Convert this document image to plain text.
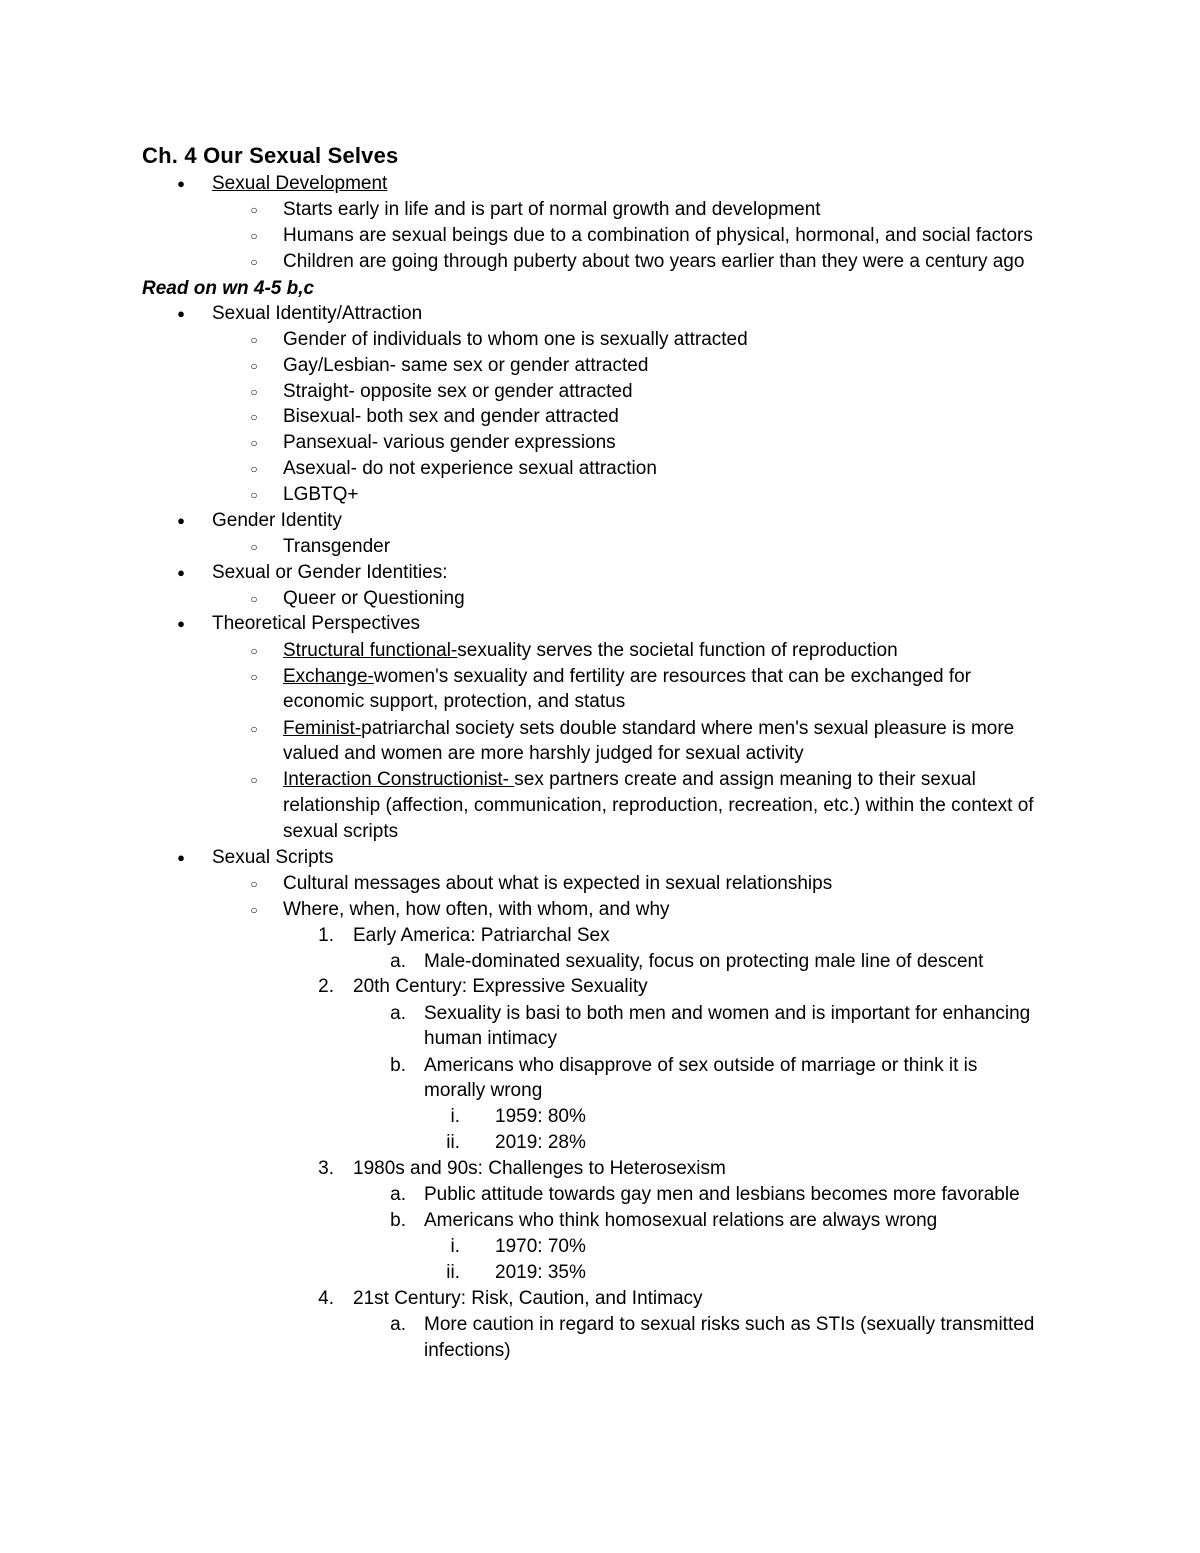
Ch. 4 Our Sexual Selves
● Sexual Development
○ Starts early in life and is part of normal growth and development
○ Humans are sexual beings due to a combination of physical, hormonal, and social factors
○ Children are going through puberty about two years earlier than they were a century ago
Read on wn 4-5 b,c
● Sexual Identity/Attraction
○ Gender of individuals to whom one is sexually attracted
○ Gay/Lesbian- same sex or gender attracted
○ Straight- opposite sex or gender attracted
○ Bisexual- both sex and gender attracted
○ Pansexual- various gender expressions
○ Asexual- do not experience sexual attraction
○ LGBTQ+
● Gender Identity
○ Transgender
● Sexual or Gender Identities:
○ Queer or Questioning
● Theoretical Perspectives
○ Structural functional-sexuality serves the societal function of reproduction
○ Exchange-women's sexuality and fertility are resources that can be exchanged for
economic support, protection, and status
○ Feminist-patriarchal society sets double standard where men's sexual pleasure is more
valued and women are more harshly judged for sexual activity
○ Interaction Constructionist- sex partners create and assign meaning to their sexual
relationship (affection, communication, reproduction, recreation, etc.) within the context of
sexual scripts
● Sexual Scripts
○ Cultural messages about what is expected in sexual relationships
○ Where, when, how often, with whom, and why
1. Early America: Patriarchal Sex
a. Male-dominated sexuality, focus on protecting male line of descent
2. 20th Century: Expressive Sexuality
a. Sexuality is basi to both men and women and is important for enhancing
human intimacy
b. Americans who disapprove of sex outside of marriage or think it is
morally wrong
i. 1959: 80%
ii. 2019: 28%
3. 1980s and 90s: Challenges to Heterosexism
a. Public attitude towards gay men and lesbians becomes more favorable
b. Americans who think homosexual relations are always wrong
i. 1970: 70%
ii. 2019: 35%
4. 21st Century: Risk, Caution, and Intimacy
a. More caution in regard to sexual risks such as STIs (sexually transmitted
infections)
